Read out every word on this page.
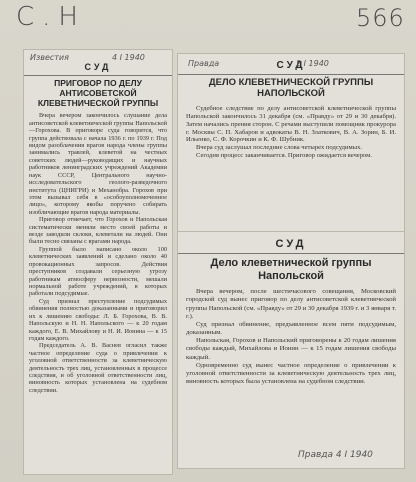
С.Н	566
Известия	4 I 1940
СУД
ПРИГОВОР ПО ДЕЛУ АНТИСОВЕТСКОЙ КЛЕВЕТНИЧЕСКОЙ ГРУППЫ

Вчера вечером закончилось слушание дела антисоветской клеветнической группы Напольской—Горохова. В приговоре суда говорится, что группа действовала с начала 1936 г. по 1939 г. Под видом разоблачения врагов народа члены группы занимались травлей, клеветой на честных советских людей—руководящих и научных работников ленинградских учреждений Академии наук СССР, Центрального научно-исследовательского геолого-разведочного института (ЦНИГРИ) и Механобра. Горохов при этом вызывал себя в «особоуполномоченное лицо», которому якобы поручено собирать изобличающие врагов народа материалы.

Приговор отмечает, что Горохов и Напольская систематически меняли место своей работы и везде заводили склоки, клеветали на людей. Они были тесно связаны с врагами народа.

Группой было написано около 100 клеветнических заявлений и сделано около 40 провокационных запросов. Действия преступников создавали серьезную угрозу работникам атмосферу нервозности, мешали нормальной работе учреждений, в которых работали подсудимые.

Суд признал преступление подсудимых обвинения полностью доказанными и приговорил их к лишению свободы: Л. Б. Горохова, В. В. Напольскую и Н. Н. Напольского — к 20 годам каждого, Е. В. Михайлову и Н. И. Ионина — к 15 годам каждого.

Председатель А. В. Васнев огласил также частное определение суда о привлечении к уголовной ответственности за клеветническую деятельность трех лиц, установленных в процессе следствия, и об уголовной ответственности лиц, виновность которых установлена на судебном следствии.

Правда	2 I 1940
СУД
ДЕЛО КЛЕВЕТНИЧЕСКОЙ ГРУППЫ НАПОЛЬСКОЙ

Судебное следствие по делу антисоветской клеветнической группы Напольской закончилось 31 декабря (см. «Правду» от 29 и 30 декабря). Затем начались прения сторон. С речами выступили помощник прокурора г. Москвы С. П. Хабаров и адвокаты В. Н. Златкович, В. А. Зорин, Б. И. Ильенко, С. Ф. Корочкин и К. Ф. Шубник.

Вчера суд заслушал последние слова четырех подсудимых.

Сегодня процесс заканчивается. Приговор ожидается вечером.

СУД
Дело клеветнической группы Напольской

Вчера вечером, после шестичасового совещания, Московский городской суд вынес приговор по делу антисоветской клеветнической группы Напольской (см. «Правду» от 29 и 30 декабря 1939 г. и 3 января т. г.).

Суд признал обвинение, предъявленное всем пяти подсудимым, доказанным.

Напольская, Горохов и Напольский приговорены к 20 годам лишения свободы каждый, Михайлова и Ионин — к 15 годам лишения свободы каждый.

Одновременно суд вынес частное определение о привлечении к уголовной ответственности за клеветническую деятельность трех лиц, виновность которых была установлена на судебном следствии.

Правда 4 I 1940
